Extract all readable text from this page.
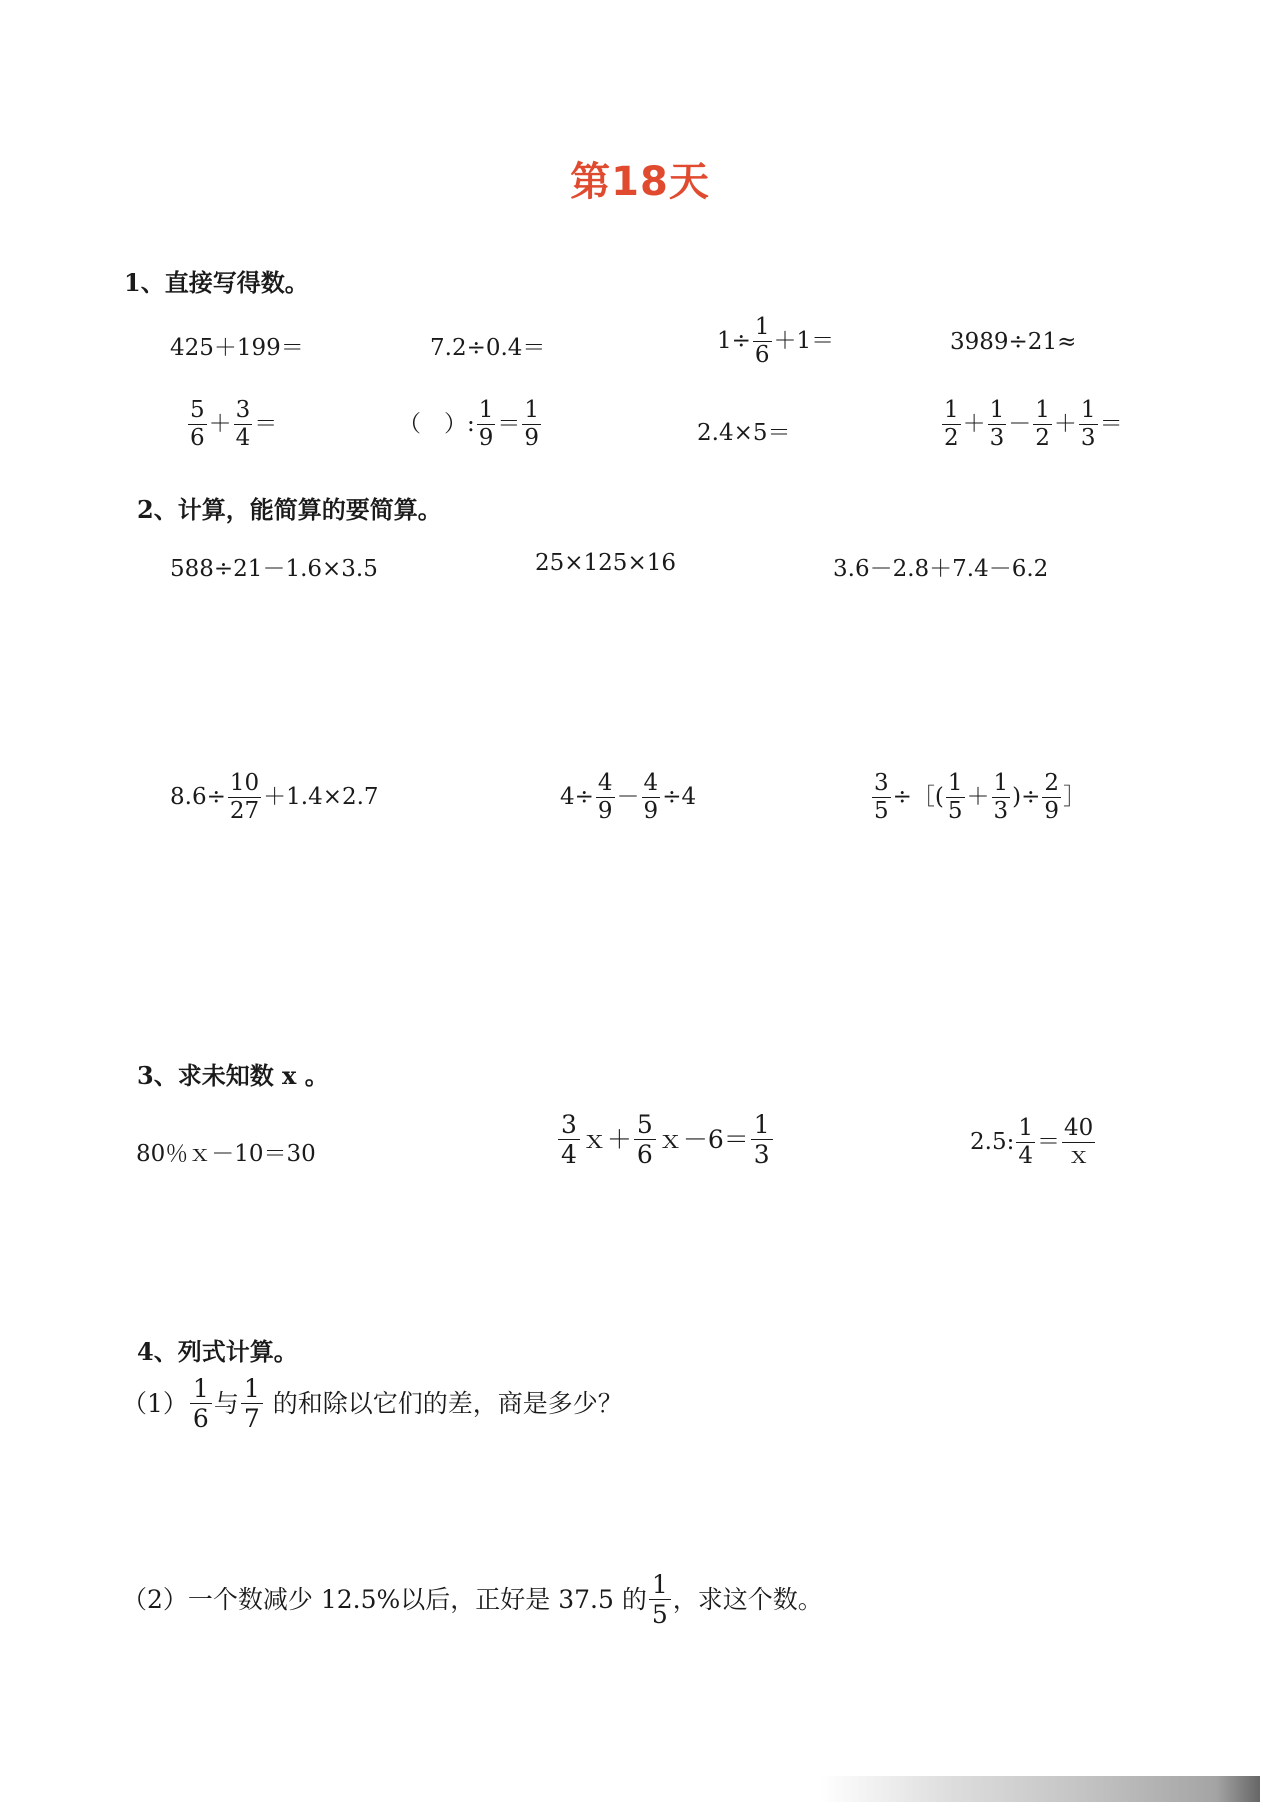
第18天
1、直接写得数。
425＋199＝	7.2÷0.4＝	$1\div \frac{1}{6} +1=$	3989÷21≈
$\frac{5}{6} + \frac{3}{4}$ ＝	（　）: $\frac{1}{9} = \frac{1}{9}$	2.4×5＝	$\frac{1}{2} + \frac{1}{3} - \frac{1}{2} + \frac{1}{3}$ ＝
2、计算，能简算的要简算。
588÷21－1.6×3.5	25×125×16	3.6－2.8＋7.4－6.2
$8.6\div \frac{10}{27} +1.4\times 2.7$	$4\div \frac{4}{9} - \frac{4}{9} \div 4$	$\frac{3}{5}$ ÷［( $\frac{1}{5} + \frac{1}{3}$ )÷ $\frac{2}{9}$ ］
3、求未知数 x 。
80％ｘ－10＝30	$\frac{3}{4}$ ｘ＋ $\frac{5}{6}$ ｘ－6＝ $\frac{1}{3}$	2.5: $\frac{1}{4} = \frac{40}{\text{ｘ}}$
4、列式计算。
$(1) \frac{1}{6}$ 与 $\frac{1}{7}$ 的和除以它们的差，商是多少？
（2）一个数减少 12.5%以后，正好是 37.5 的 $\frac{1}{5}$ ，求这个数。
